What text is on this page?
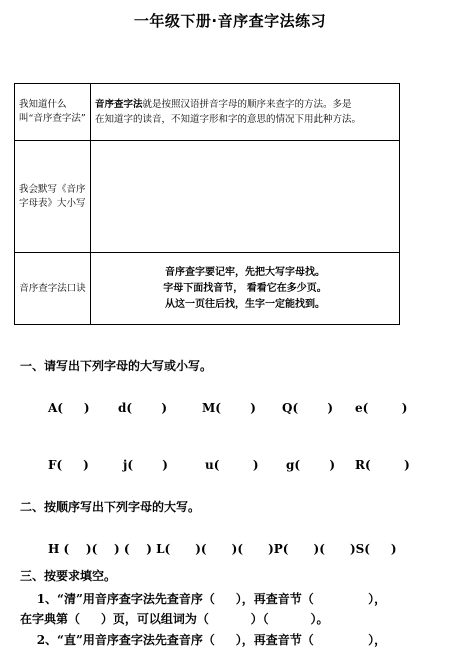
一年级下册·音序查字法练习
我知道什么叫“音序查字法”	音序查字法就是按照汉语拼音字母的顺序来查字的方法。多是
在知道字的读音，不知道字形和字的意思的情况下用此种方法。
我会默写《音序字母表》大小写	
音序查字法口诀	音序查字要记牢，先把大写字母找。
字母下面找音节， 看看它在多少页。
从这一页往后找，生字一定能找到。
一、请写出下列字母的大写或小写。
A(     ) d(       )	M(       ) Q(       ) e(        )
F(     )	j(       )	u(        ) g(       ) R(        )
二、按顺序写出下列字母的大写。
H (    )(    ) (    ) L(      )(      )(      )P(      )(      )S(     )
三、按要求填空。
1、“清”用音序查字法先查音序（     ），再查音节（             ），
在字典第（     ）页，可以组词为（          ）（          ）。
2、“直”用音序查字法先查音序（     ），再查音节（             ），
